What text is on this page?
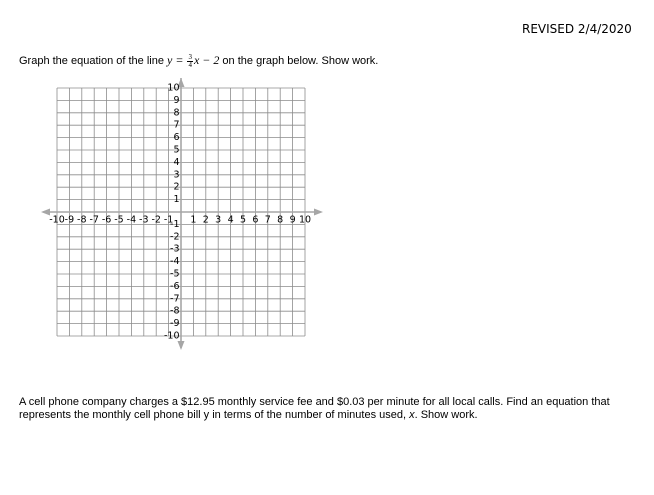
REVISED 2/4/2020
Graph the equation of the line $y = \frac{3}{4}$ x − 2 on the graph below. Show work.
-10 -9 -8 -7 -6 -5 -4 -3 -2 -1 1 2 3 4 5 6 7 8 9 10
10
9
8
7
6
5
4
3
2
1
-1
-2
-3
-4
-5
-6
-7
-8
-9
-10
A cell phone company charges a $12.95 monthly service fee and $0.03 per minute for all local calls. Find an equation that represents the monthly cell phone bill y in terms of the number of minutes used, x. Show work.
